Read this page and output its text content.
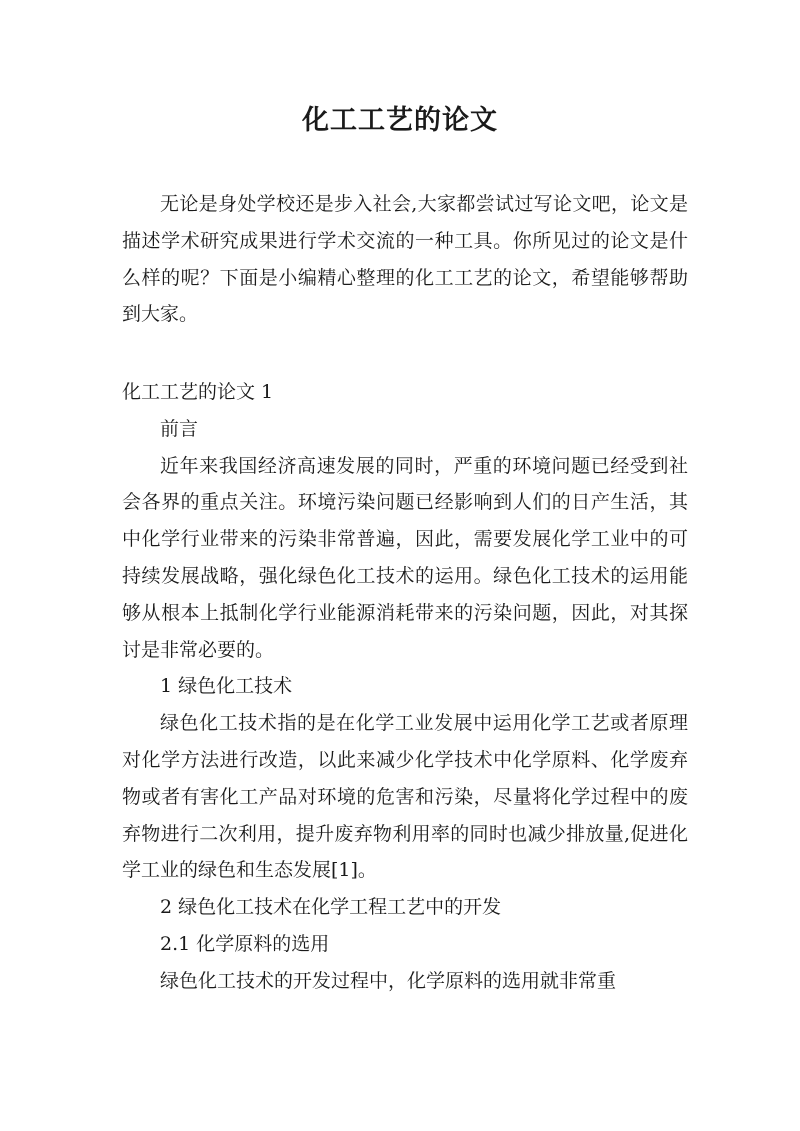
化工工艺的论文

无论是身处学校还是步入社会,大家都尝试过写论文吧，论文是描述学术研究成果进行学术交流的一种工具。你所见过的论文是什么样的呢？下面是小编精心整理的化工工艺的论文，希望能够帮助到大家。

化工工艺的论文 1

前言

近年来我国经济高速发展的同时，严重的环境问题已经受到社会各界的重点关注。环境污染问题已经影响到人们的日产生活，其中化学行业带来的污染非常普遍，因此，需要发展化学工业中的可持续发展战略，强化绿色化工技术的运用。绿色化工技术的运用能够从根本上抵制化学行业能源消耗带来的污染问题，因此，对其探讨是非常必要的。

1 绿色化工技术

绿色化工技术指的是在化学工业发展中运用化学工艺或者原理对化学方法进行改造，以此来减少化学技术中化学原料、化学废弃物或者有害化工产品对环境的危害和污染，尽量将化学过程中的废弃物进行二次利用，提升废弃物利用率的同时也减少排放量,促进化学工业的绿色和生态发展[1]。

2 绿色化工技术在化学工程工艺中的开发

2.1 化学原料的选用

绿色化工技术的开发过程中，化学原料的选用就非常重
